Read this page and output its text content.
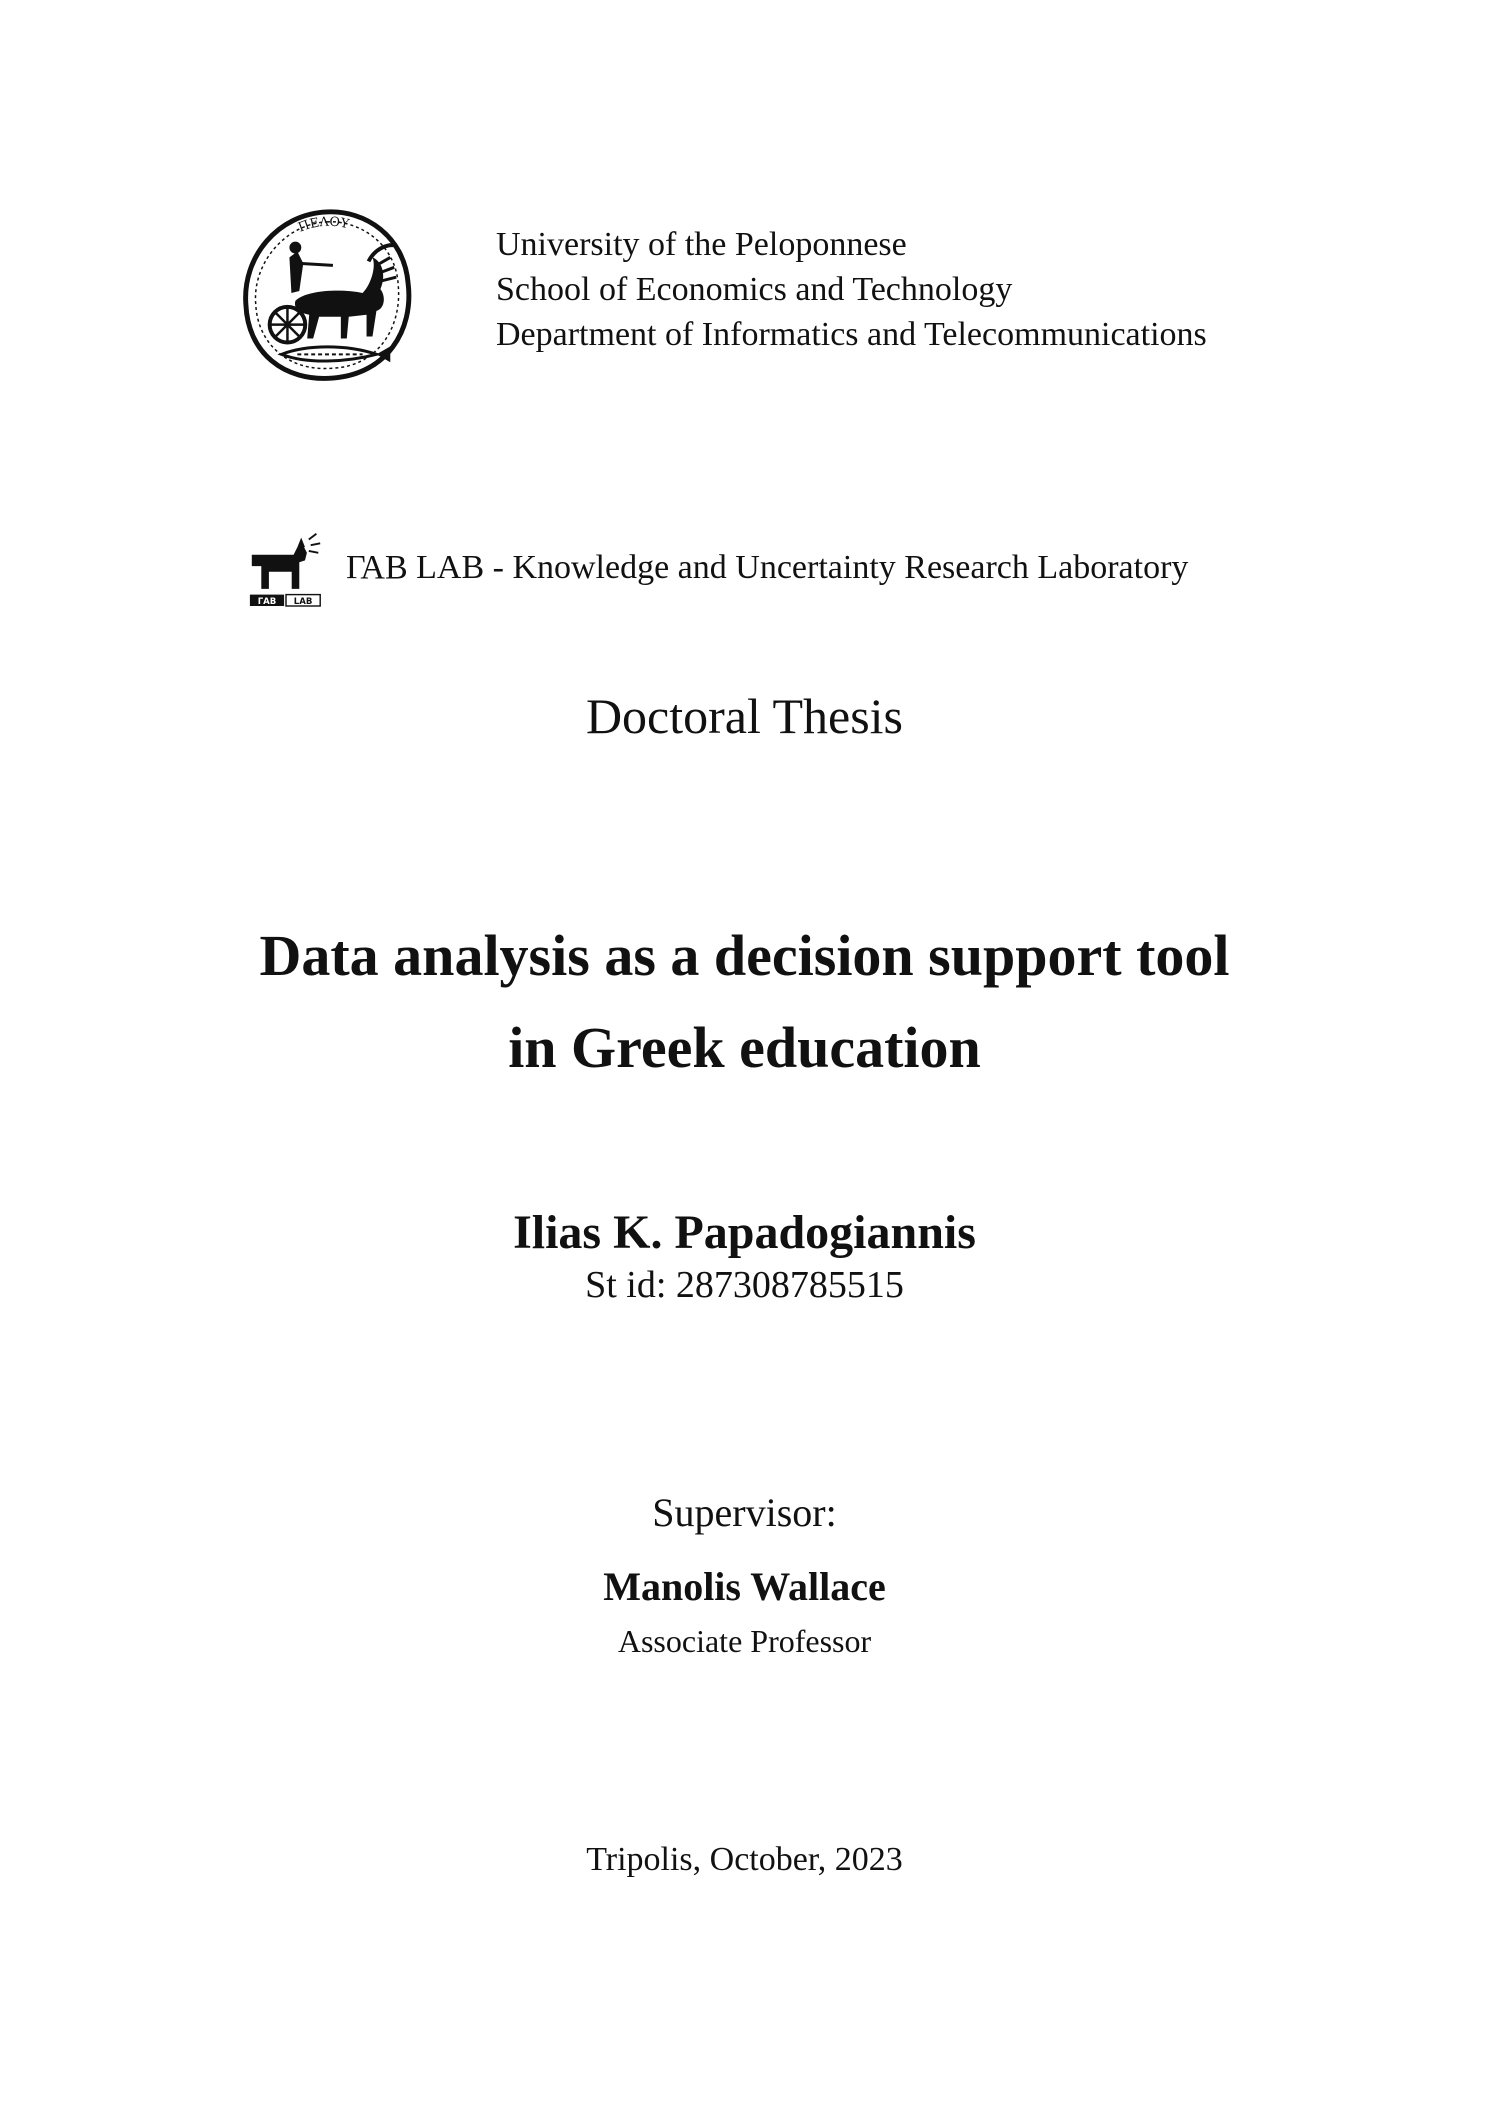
ΠΕΛΟΥ
University of the Peloponnese
School of Economics and Technology
Department of Informatics and Telecommunications
ΓΑΒ LAB
ΓΑΒ LAB - Knowledge and Uncertainty Research Laboratory
Doctoral Thesis
Data analysis as a decision support tool
in Greek education
Ilias K. Papadogiannis
St id: 287308785515
Supervisor:
Manolis Wallace
Associate Professor
Tripolis, October, 2023
